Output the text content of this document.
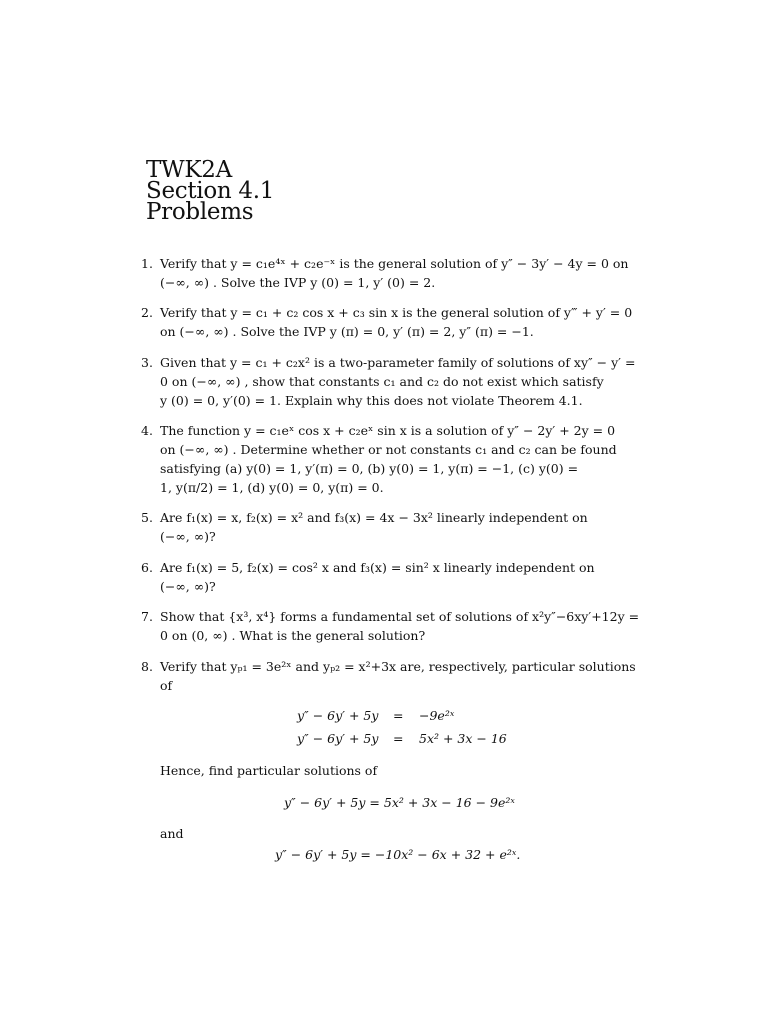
TWK2A
Section 4.1
Problems
1. Verify that y = c₁e⁴ˣ + c₂e⁻ˣ is the general solution of y″ − 3y′ − 4y = 0 on
(−∞, ∞) . Solve the IVP y (0) = 1, y′ (0) = 2.
2. Verify that y = c₁ + c₂ cos x + c₃ sin x is the general solution of y‴ + y′ = 0
on (−∞, ∞) . Solve the IVP y (π) = 0, y′ (π) = 2, y″ (π) = −1.
3. Given that y = c₁ + c₂x² is a two-parameter family of solutions of xy″ − y′ =
0 on (−∞, ∞) , show that constants c₁ and c₂ do not exist which satisfy
y (0) = 0, y′(0) = 1. Explain why this does not violate Theorem 4.1.
4. The function y = c₁eˣ cos x + c₂eˣ sin x is a solution of y″ − 2y′ + 2y = 0
on (−∞, ∞) . Determine whether or not constants c₁ and c₂ can be found
satisfying (a) y(0) = 1, y′(π) = 0, (b) y(0) = 1, y(π) = −1, (c) y(0) =
1, y(π/2) = 1, (d) y(0) = 0, y(π) = 0.
5. Are f₁(x) = x, f₂(x) = x² and f₃(x) = 4x − 3x² linearly independent on
(−∞, ∞)?
6. Are f₁(x) = 5, f₂(x) = cos² x and f₃(x) = sin² x linearly independent on
(−∞, ∞)?
7. Show that {x³, x⁴} forms a fundamental set of solutions of x²y″−6xy′+12y =
0 on (0, ∞) . What is the general solution?
8. Verify that yₚ₁ = 3e²ˣ and yₚ₂ = x²+3x are, respectively, particular solutions
of
y″ − 6y′ + 5y = −9e²ˣ
y″ − 6y′ + 5y = 5x² + 3x − 16
Hence, find particular solutions of
y″ − 6y′ + 5y = 5x² + 3x − 16 − 9e²ˣ
and
y″ − 6y′ + 5y = −10x² − 6x + 32 + e²ˣ.
